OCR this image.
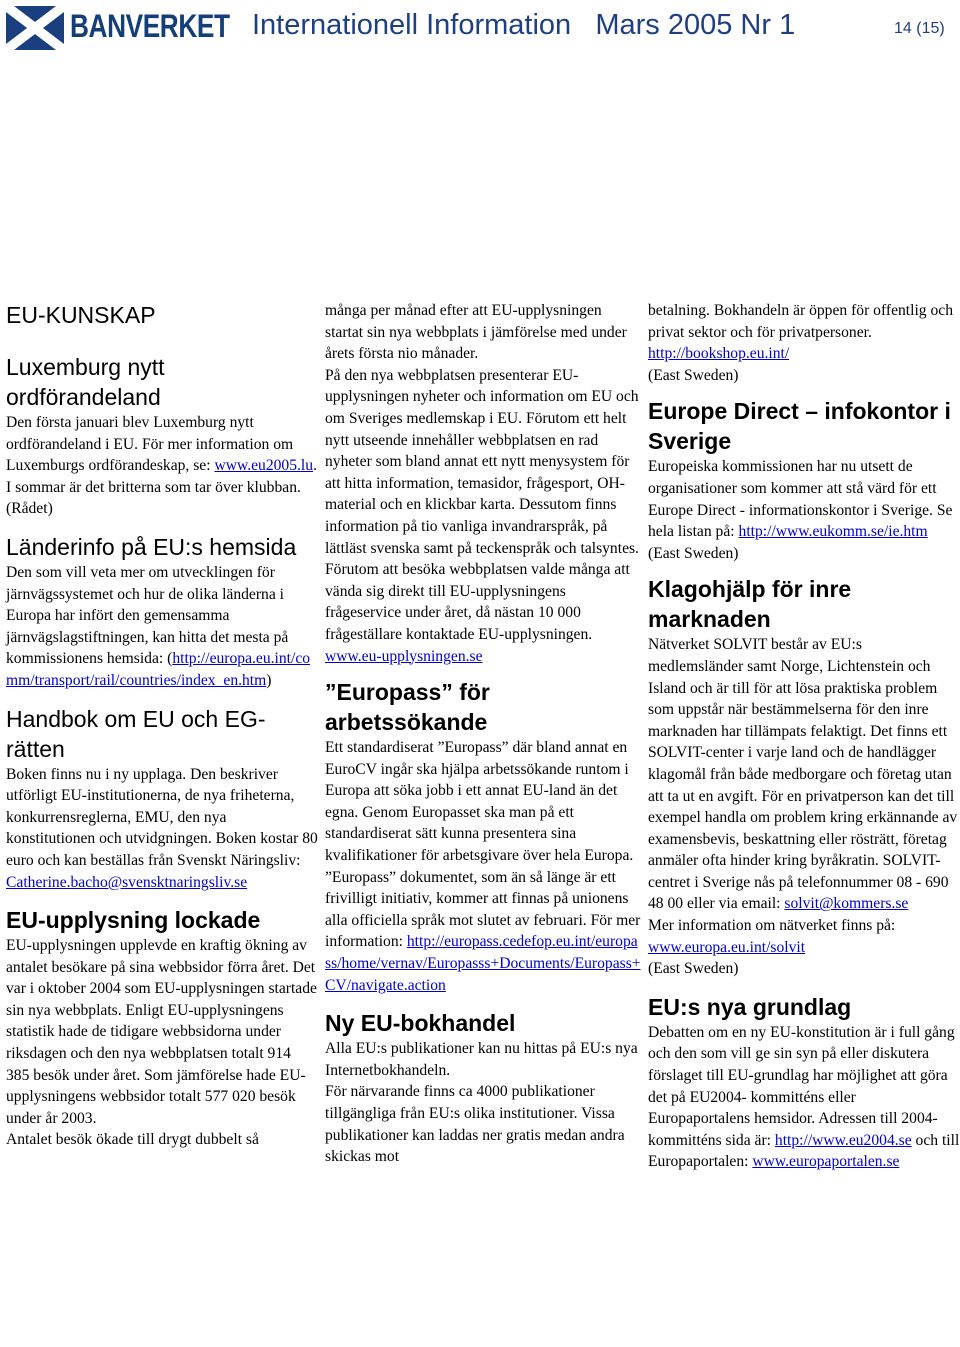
BANVERKET Internationell Information   Mars 2005 Nr 1	14 (15)
EU-KUNSKAP
Luxemburg nytt ordförandeland

Den första januari blev Luxemburg nytt ordförandeland i EU. För mer information om Luxemburgs ordförandeskap, se: www.eu2005.lu. I sommar är det britterna som tar över klubban. (Rådet)

Länderinfo på EU:s hemsida

Den som vill veta mer om utvecklingen för järnvägssystemet och hur de olika länderna i Europa har infört den gemensamma järnvägslagstiftningen, kan hitta det mesta på kommissionens hemsida: (http://europa.eu.int/comm/transport/rail/countries/index_en.htm)

Handbok om EU och EG-rätten

Boken finns nu i ny upplaga. Den beskriver utförligt EU-institutionerna, de nya friheterna, konkurrensreglerna, EMU, den nya konstitutionen och utvidgningen. Boken kostar 80 euro och kan beställas från Svenskt Näringsliv: Catherine.bacho@svensktnaringsliv.se

EU-upplysning lockade

EU-upplysningen upplevde en kraftig ökning av antalet besökare på sina webbsidor förra året. Det var i oktober 2004 som EU-upplysningen startade sin nya webbplats. Enligt EU-upplysningens statistik hade de tidigare webbsidorna under riksdagen och den nya webbplatsen totalt 914 385 besök under året. Som jämförelse hade EU-upplysningens webbsidor totalt 577 020 besök under år 2003.

Antalet besök ökade till drygt dubbelt så

många per månad efter att EU-upplysningen startat sin nya webbplats i jämförelse med under årets första nio månader.

På den nya webbplatsen presenterar EU-upplysningen nyheter och information om EU och om Sveriges medlemskap i EU. Förutom ett helt nytt utseende innehåller webbplatsen en rad nyheter som bland annat ett nytt menysystem för att hitta information, temasidor, frågesport, OH-material och en klickbar karta. Dessutom finns information på tio vanliga invandrarspråk, på lättläst svenska samt på teckenspråk och talsyntes.

Förutom att besöka webbplatsen valde många att vända sig direkt till EU-upplysningens frågeservice under året, då nästan 10 000 frågeställare kontaktade EU-upplysningen.

www.eu-upplysningen.se

”Europass” för arbetssökande

Ett standardiserat ”Europass” där bland annat en EuroCV ingår ska hjälpa arbetssökande runtom i Europa att söka jobb i ett annat EU-land än det egna. Genom Europasset ska man på ett standardiserat sätt kunna presentera sina kvalifikationer för arbetsgivare över hela Europa. ”Europass” dokumentet, som än så länge är ett frivilligt initiativ, kommer att finnas på unionens alla officiella språk mot slutet av februari. För mer information: http://europass.cedefop.eu.int/europass/home/vernav/Europasss+Documents/Europass+CV/navigate.action

Ny EU-bokhandel

Alla EU:s publikationer kan nu hittas på EU:s nya Internetbokhandeln.

För närvarande finns ca 4000 publikationer tillgängliga från EU:s olika institutioner. Vissa publikationer kan laddas ner gratis medan andra skickas mot

betalning. Bokhandeln är öppen för offentlig och privat sektor och för privatpersoner.

http://bookshop.eu.int/

(East Sweden)

Europe Direct – infokontor i Sverige

Europeiska kommissionen har nu utsett de organisationer som kommer att stå värd för ett Europe Direct - informationskontor i Sverige. Se hela listan på: http://www.eukomm.se/ie.htm

(East Sweden)

Klagohjälp för inre marknaden

Nätverket SOLVIT består av EU:s medlemsländer samt Norge, Lichtenstein och Island och är till för att lösa praktiska problem som uppstår när bestämmelserna för den inre marknaden har tillämpats felaktigt. Det finns ett SOLVIT-center i varje land och de handlägger klagomål från både medborgare och företag utan att ta ut en avgift. För en privatperson kan det till exempel handla om problem kring erkännande av examensbevis, beskattning eller rösträtt, företag anmäler ofta hinder kring byråkratin. SOLVIT-centret i Sverige nås på telefonnummer 08 - 690 48 00 eller via email: solvit@kommers.se

Mer information om nätverket finns på: www.europa.eu.int/solvit

(East Sweden)

EU:s nya grundlag

Debatten om en ny EU-konstitution är i full gång och den som vill ge sin syn på eller diskutera förslaget till EU-grundlag har möjlighet att göra det på EU2004- kommitténs eller Europaportalens hemsidor. Adressen till 2004-kommitténs sida är: http://www.eu2004.se och till Europaportalen: www.europaportalen.se
